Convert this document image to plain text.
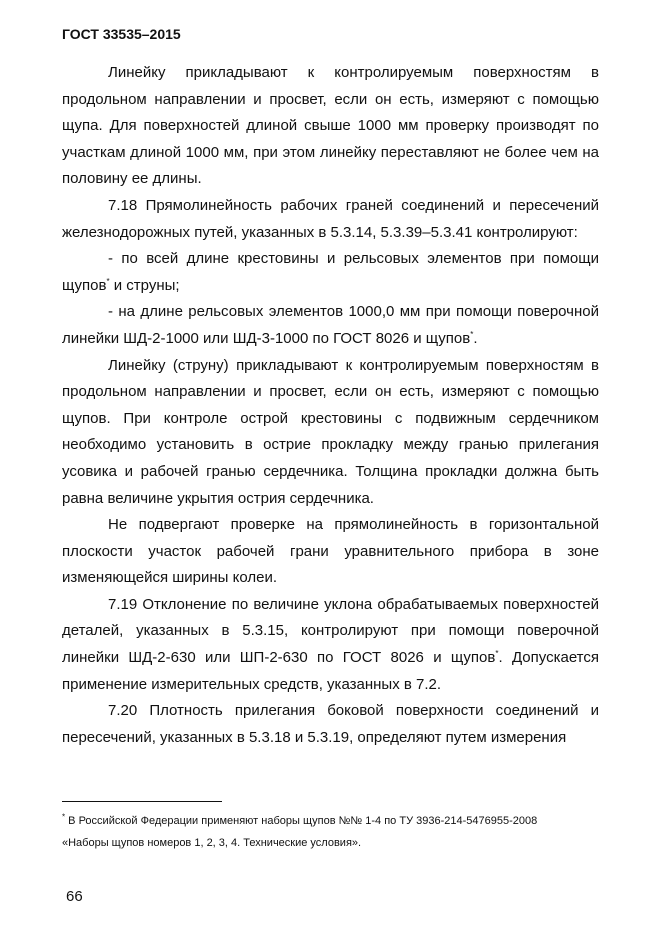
ГОСТ 33535–2015

Линейку прикладывают к контролируемым поверхностям в продольном направлении и просвет, если он есть, измеряют с помощью щупа. Для поверхностей длиной свыше 1000 мм проверку производят по участкам длиной 1000 мм, при этом линейку переставляют не более чем на половину ее длины.

7.18 Прямолинейность рабочих граней соединений и пересечений железнодорожных путей, указанных в 5.3.14, 5.3.39–5.3.41 контролируют:

- по всей длине крестовины и рельсовых элементов при помощи щупов* и струны;

- на длине рельсовых элементов 1000,0 мм при помощи поверочной линейки ШД-2-1000 или ШД-3-1000 по ГОСТ 8026 и щупов*.

Линейку (струну) прикладывают к контролируемым поверхностям в продольном направлении и просвет, если он есть, измеряют с помощью щупов. При контроле острой крестовины с подвижным сердечником необходимо установить в острие прокладку между гранью прилегания усовика и рабочей гранью сердечника. Толщина прокладки должна быть равна величине укрытия острия сердечника.

Не подвергают проверке на прямолинейность в горизонтальной плоскости участок рабочей грани уравнительного прибора в зоне изменяющейся ширины колеи.

7.19 Отклонение по величине уклона обрабатываемых поверхностей деталей, указанных в 5.3.15, контролируют при помощи поверочной линейки ШД-2-630 или ШП-2-630 по ГОСТ 8026 и щупов*. Допускается применение измерительных средств, указанных в 7.2.

7.20 Плотность прилегания боковой поверхности соединений и пересечений, указанных в 5.3.18 и 5.3.19, определяют путем измерения

* В Российской Федерации применяют наборы щупов №№ 1-4 по ТУ 3936-214-5476955-2008

«Наборы щупов номеров 1, 2, 3, 4. Технические условия».

66
